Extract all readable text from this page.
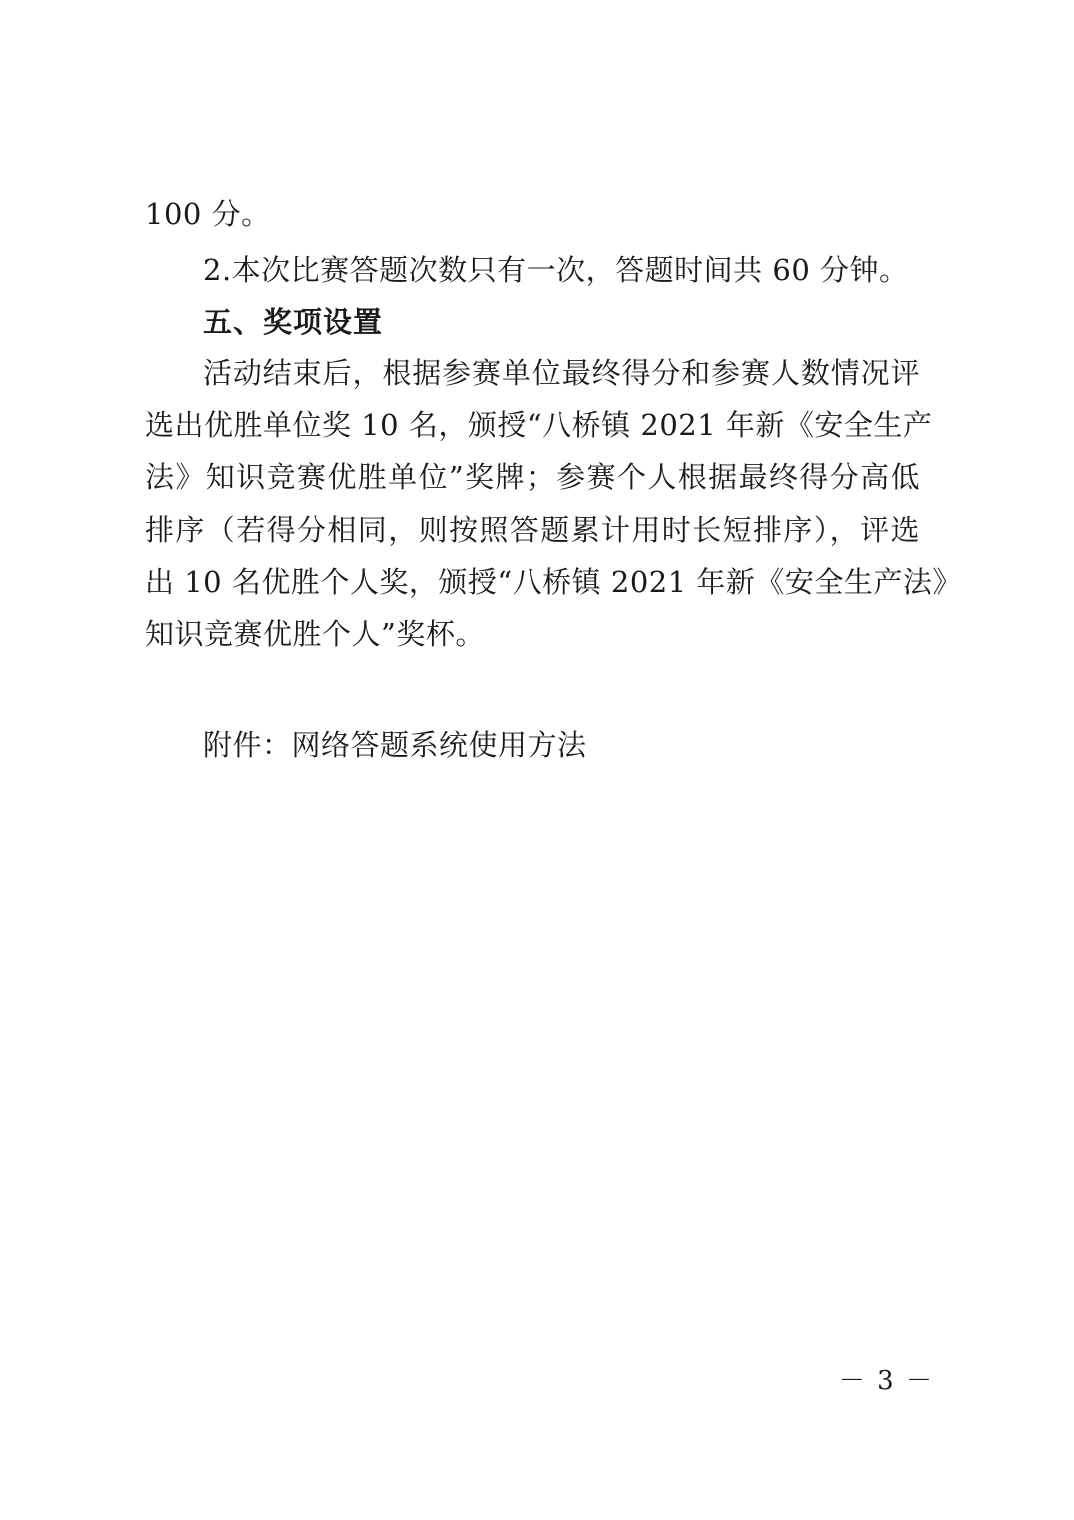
100 分。
2.本次比赛答题次数只有一次，答题时间共 60 分钟。
五、奖项设置
活动结束后，根据参赛单位最终得分和参赛人数情况评
选出优胜单位奖 10 名，颁授“八桥镇 2021 年新《安全生产
法》知识竞赛优胜单位”奖牌；参赛个人根据最终得分高低
排序（若得分相同，则按照答题累计用时长短排序），评选
出 10 名优胜个人奖，颁授“八桥镇 2021 年新《安全生产法》
知识竞赛优胜个人”奖杯。
附件：网络答题系统使用方法
－ 3 －
